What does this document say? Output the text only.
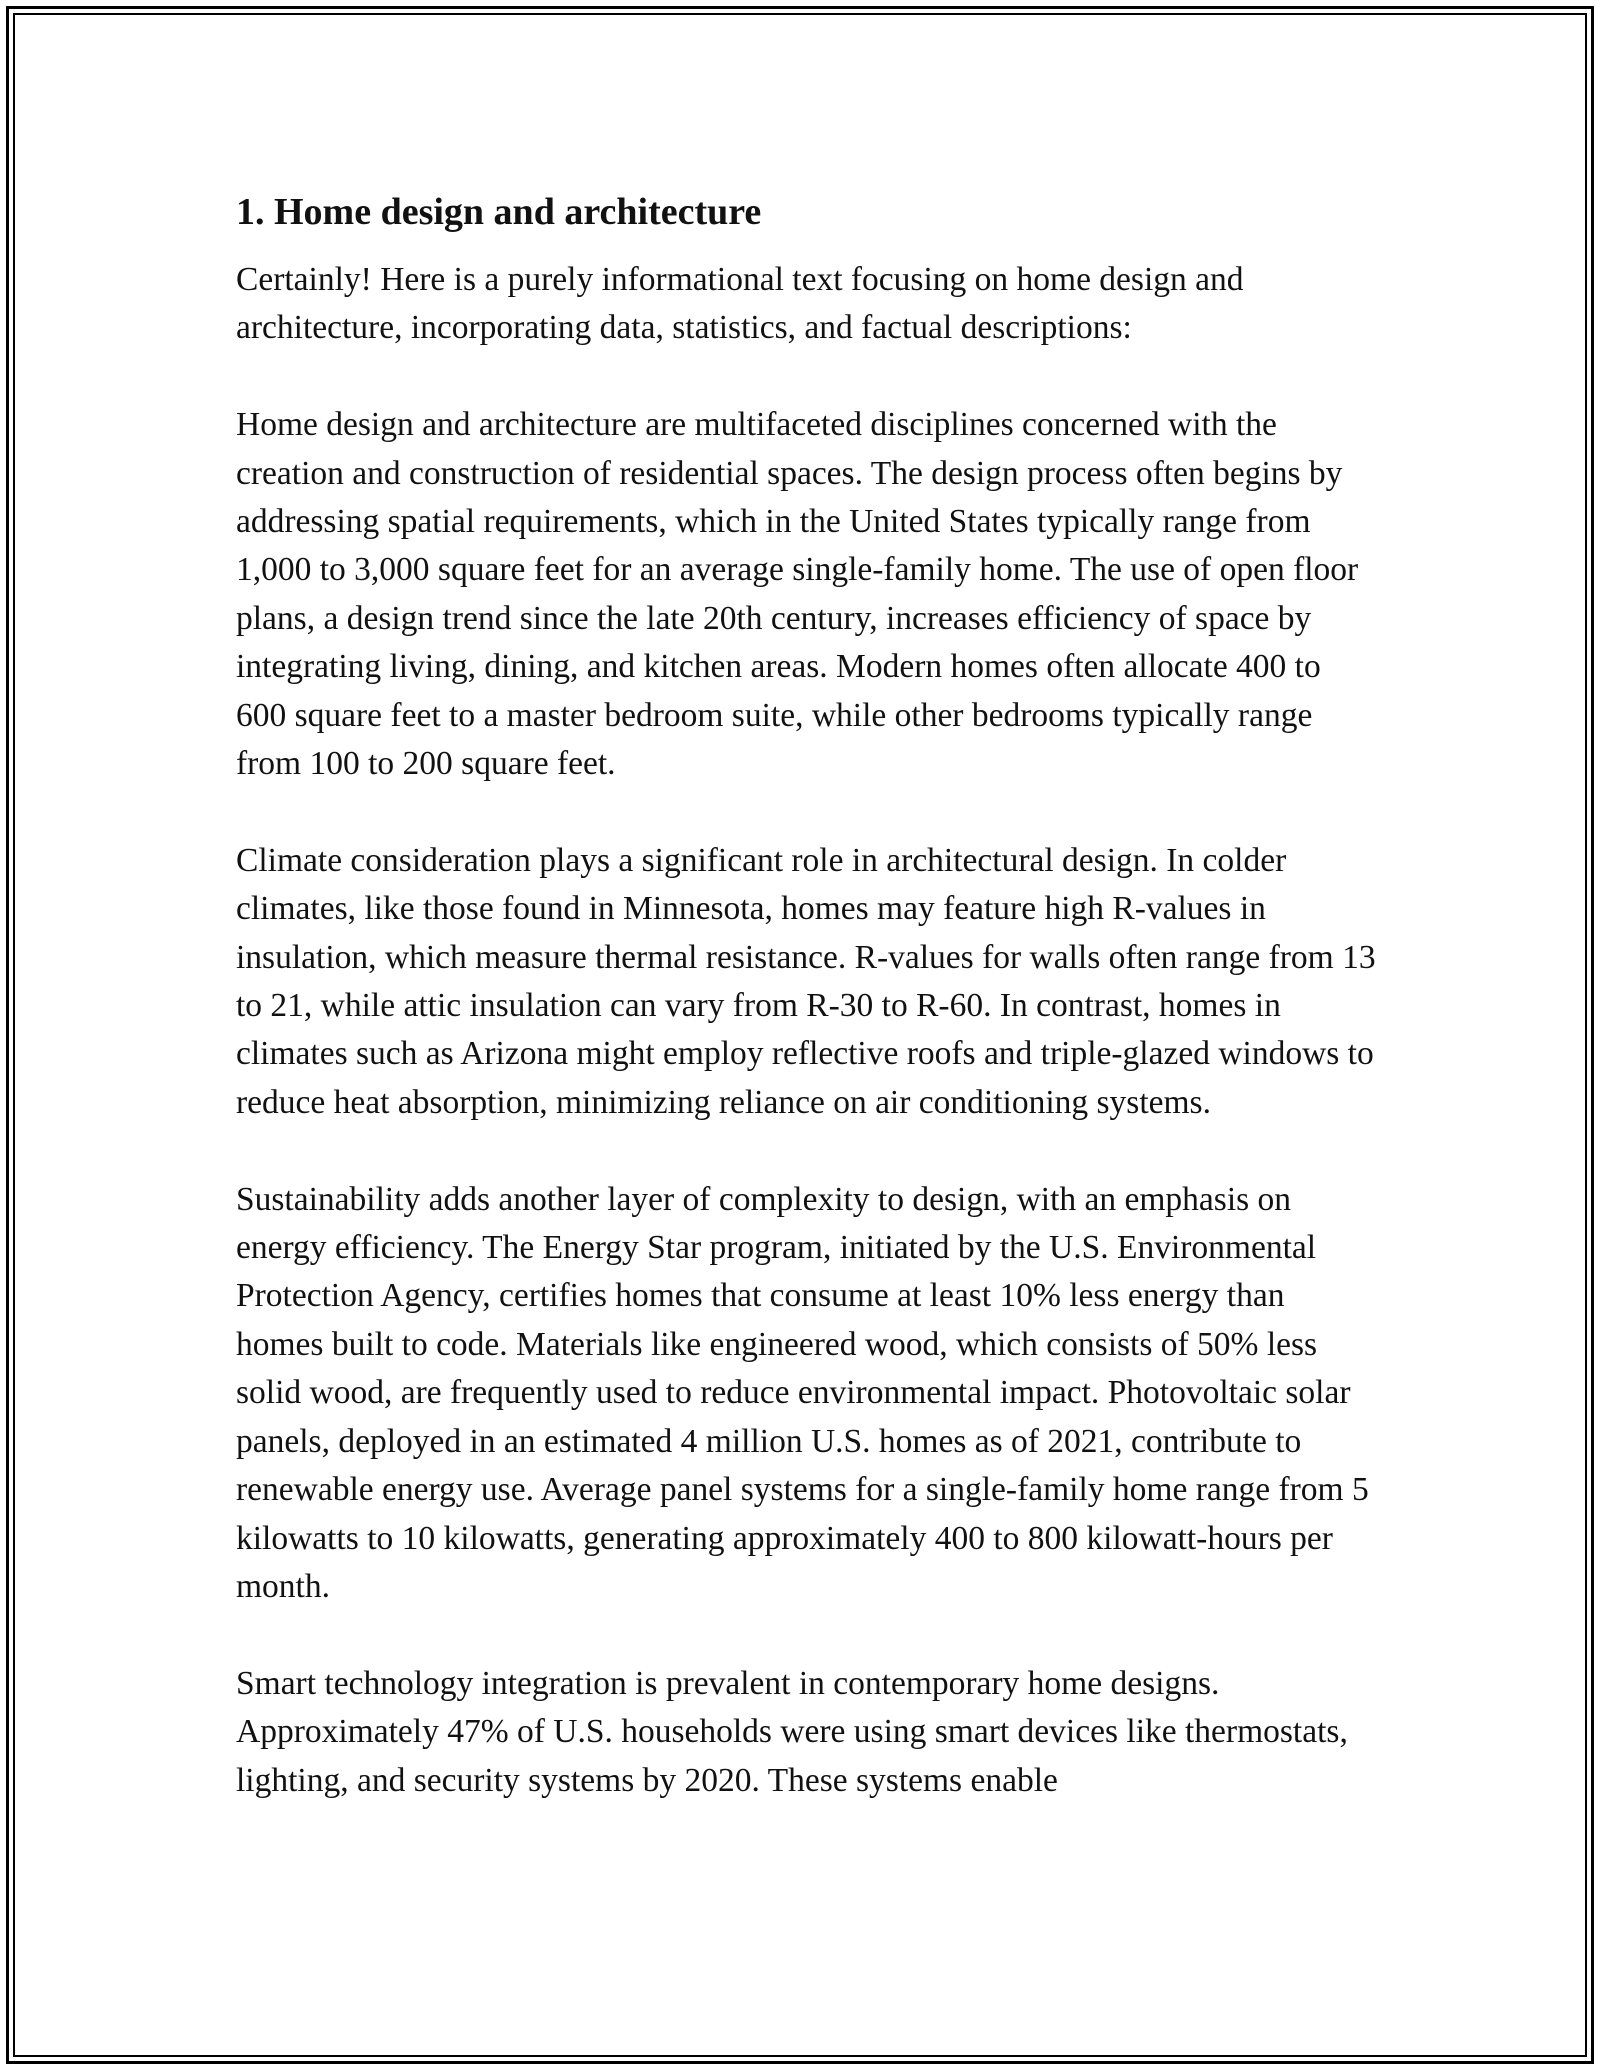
1. Home design and architecture

Certainly! Here is a purely informational text focusing on home design and architecture, incorporating data, statistics, and factual descriptions:

Home design and architecture are multifaceted disciplines concerned with the creation and construction of residential spaces. The design process often begins by addressing spatial requirements, which in the United States typically range from 1,000 to 3,000 square feet for an average single-family home. The use of open floor plans, a design trend since the late 20th century, increases efficiency of space by integrating living, dining, and kitchen areas. Modern homes often allocate 400 to 600 square feet to a master bedroom suite, while other bedrooms typically range from 100 to 200 square feet.

Climate consideration plays a significant role in architectural design. In colder climates, like those found in Minnesota, homes may feature high R-values in insulation, which measure thermal resistance. R-values for walls often range from 13 to 21, while attic insulation can vary from R-30 to R-60. In contrast, homes in climates such as Arizona might employ reflective roofs and triple-glazed windows to reduce heat absorption, minimizing reliance on air conditioning systems.

Sustainability adds another layer of complexity to design, with an emphasis on energy efficiency. The Energy Star program, initiated by the U.S. Environmental Protection Agency, certifies homes that consume at least 10% less energy than homes built to code. Materials like engineered wood, which consists of 50% less solid wood, are frequently used to reduce environmental impact. Photovoltaic solar panels, deployed in an estimated 4 million U.S. homes as of 2021, contribute to renewable energy use. Average panel systems for a single-family home range from 5 kilowatts to 10 kilowatts, generating approximately 400 to 800 kilowatt-hours per month.

Smart technology integration is prevalent in contemporary home designs. Approximately 47% of U.S. households were using smart devices like thermostats, lighting, and security systems by 2020. These systems enable
